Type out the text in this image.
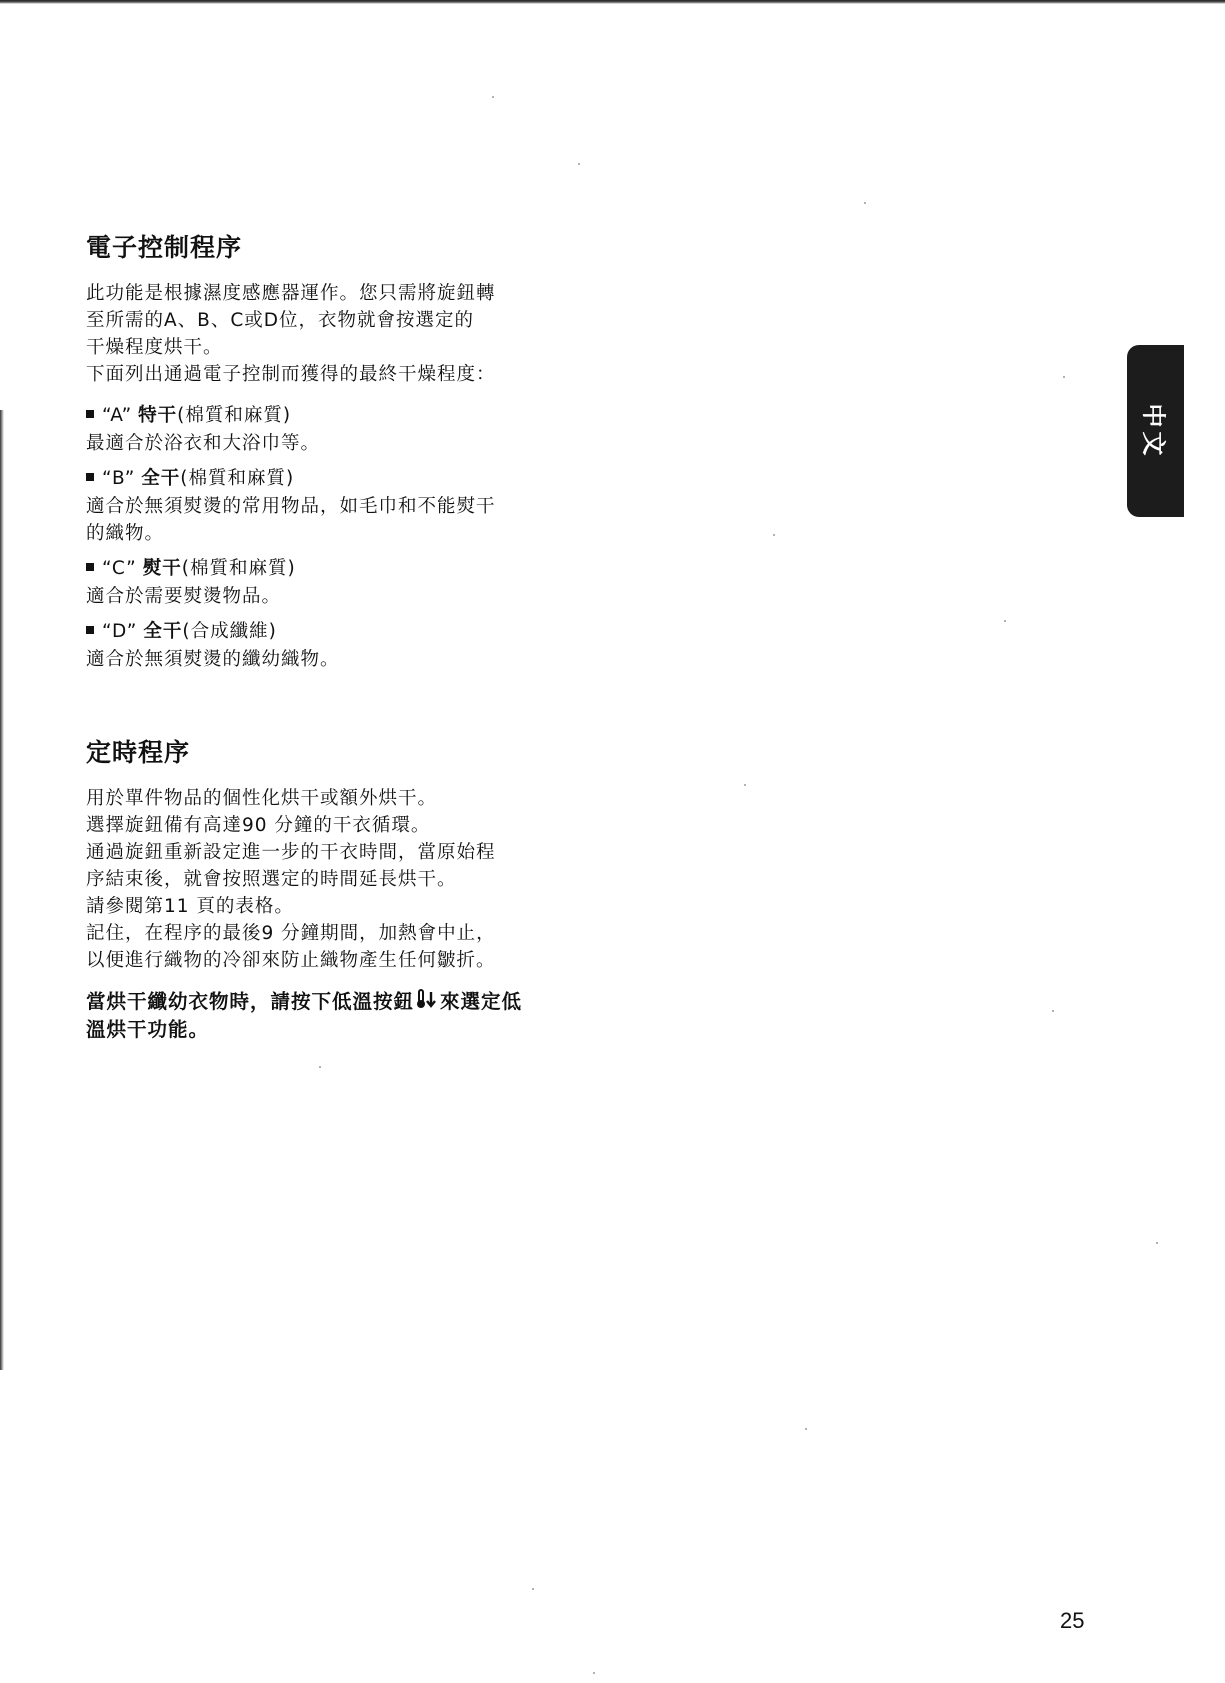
電子控制程序

此功能是根據濕度感應器運作。您只需將旋鈕轉

至所需的A、B、C或D位，衣物就會按選定的

干燥程度烘干。

下面列出通過電子控制而獲得的最終干燥程度：

“A” 特干(棉質和麻質)

最適合於浴衣和大浴巾等。

“B” 全干(棉質和麻質)

適合於無須熨燙的常用物品，如毛巾和不能熨干

的織物。

“C” 熨干(棉質和麻質)

適合於需要熨燙物品。

“D” 全干(合成纖維)

適合於無須熨燙的纖幼織物。

定時程序

用於單件物品的個性化烘干或額外烘干。

選擇旋鈕備有高達90 分鐘的干衣循環。

通過旋鈕重新設定進一步的干衣時間，當原始程

序結束後，就會按照選定的時間延長烘干。

請參閱第11 頁的表格。

記住，在程序的最後9 分鐘期間，加熱會中止，

以便進行織物的冷卻來防止織物產生任何皺折。

當烘干纖幼衣物時，請按下低溫按鈕 來選定低
溫烘干功能。
中文
25
